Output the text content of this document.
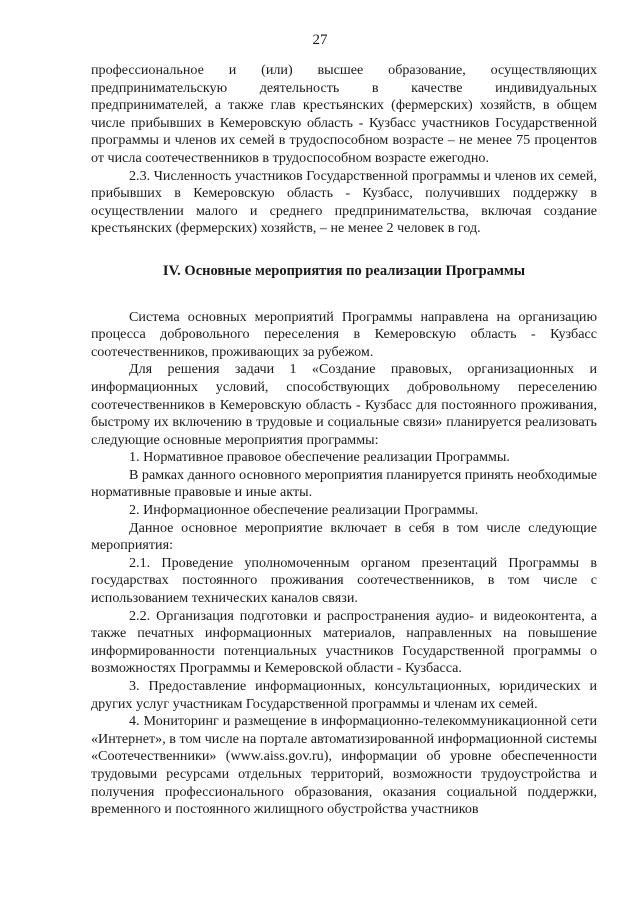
27

профессиональное и (или) высшее образование, осуществляющих предпринимательскую деятельность в качестве индивидуальных предпринимателей, а также глав крестьянских (фермерских) хозяйств, в общем числе прибывших в Кемеровскую область - Кузбасс участников Государственной программы и членов их семей в трудоспособном возрасте – не менее 75 процентов от числа соотечественников в трудоспособном возрасте ежегодно.

2.3. Численность участников Государственной программы и членов их семей, прибывших в Кемеровскую область - Кузбасс, получивших поддержку в осуществлении малого и среднего предпринимательства, включая создание крестьянских (фермерских) хозяйств, – не менее 2 человек в год.

IV. Основные мероприятия по реализации Программы

Система основных мероприятий Программы направлена на организацию процесса добровольного переселения в Кемеровскую область - Кузбасс соотечественников, проживающих за рубежом.

Для решения задачи 1 «Создание правовых, организационных и информационных условий, способствующих добровольному переселению соотечественников в Кемеровскую область - Кузбасс для постоянного проживания, быстрому их включению в трудовые и социальные связи» планируется реализовать следующие основные мероприятия программы:

1. Нормативное правовое обеспечение реализации Программы.

В рамках данного основного мероприятия планируется принять необходимые нормативные правовые и иные акты.

2. Информационное обеспечение реализации Программы.

Данное основное мероприятие включает в себя в том числе следующие мероприятия:

2.1. Проведение уполномоченным органом презентаций Программы в государствах постоянного проживания соотечественников, в том числе с использованием технических каналов связи.

2.2. Организация подготовки и распространения аудио- и видеоконтента, а также печатных информационных материалов, направленных на повышение информированности потенциальных участников Государственной программы о возможностях Программы и Кемеровской области - Кузбасса.

3. Предоставление информационных, консультационных, юридических и других услуг участникам Государственной программы и членам их семей.

4. Мониторинг и размещение в информационно-телекоммуникационной сети «Интернет», в том числе на портале автоматизированной информационной системы «Соотечественники» (www.aiss.gov.ru), информации об уровне обеспеченности трудовыми ресурсами отдельных территорий, возможности трудоустройства и получения профессионального образования, оказания социальной поддержки, временного и постоянного жилищного обустройства участников
